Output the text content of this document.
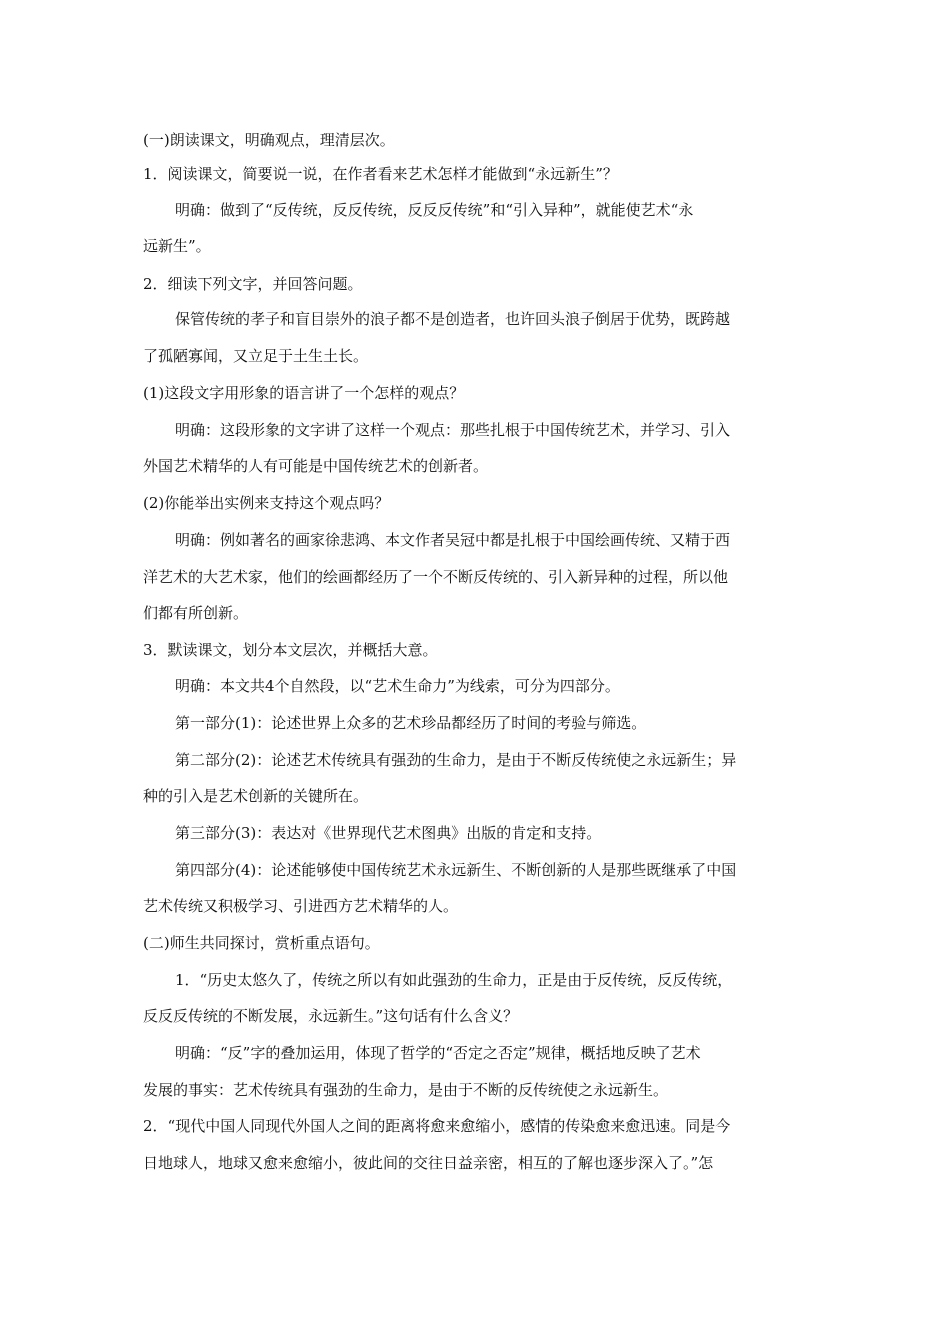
(一)朗读课文，明确观点，理清层次。
1．阅读课文，简要说一说，在作者看来艺术怎样才能做到“永远新生”？
明确：做到了“反传统，反反传统，反反反传统”和“引入异种”，就能使艺术“永
远新生”。
2．细读下列文字，并回答问题。
保管传统的孝子和盲目崇外的浪子都不是创造者，也许回头浪子倒居于优势，既跨越
了孤陋寡闻，又立足于土生土长。
(1)这段文字用形象的语言讲了一个怎样的观点？
明确：这段形象的文字讲了这样一个观点：那些扎根于中国传统艺术，并学习、引入
外国艺术精华的人有可能是中国传统艺术的创新者。
(2)你能举出实例来支持这个观点吗？
明确：例如著名的画家徐悲鸿、本文作者吴冠中都是扎根于中国绘画传统、又精于西
洋艺术的大艺术家，他们的绘画都经历了一个不断反传统的、引入新异种的过程，所以他
们都有所创新。
3．默读课文，划分本文层次，并概括大意。
明确：本文共4个自然段，以“艺术生命力”为线索，可分为四部分。
第一部分(1)：论述世界上众多的艺术珍品都经历了时间的考验与筛选。
第二部分(2)：论述艺术传统具有强劲的生命力，是由于不断反传统使之永远新生；异
种的引入是艺术创新的关键所在。
第三部分(3)：表达对《世界现代艺术图典》出版的肯定和支持。
第四部分(4)：论述能够使中国传统艺术永远新生、不断创新的人是那些既继承了中国
艺术传统又积极学习、引进西方艺术精华的人。
(二)师生共同探讨，赏析重点语句。
1．“历史太悠久了，传统之所以有如此强劲的生命力，正是由于反传统，反反传统，
反反反传统的不断发展，永远新生。”这句话有什么含义？
明确：“反”字的叠加运用，体现了哲学的“否定之否定”规律，概括地反映了艺术
发展的事实：艺术传统具有强劲的生命力，是由于不断的反传统使之永远新生。
2．“现代中国人同现代外国人之间的距离将愈来愈缩小，感情的传染愈来愈迅速。同是今
日地球人，地球又愈来愈缩小，彼此间的交往日益亲密，相互的了解也逐步深入了。”怎
